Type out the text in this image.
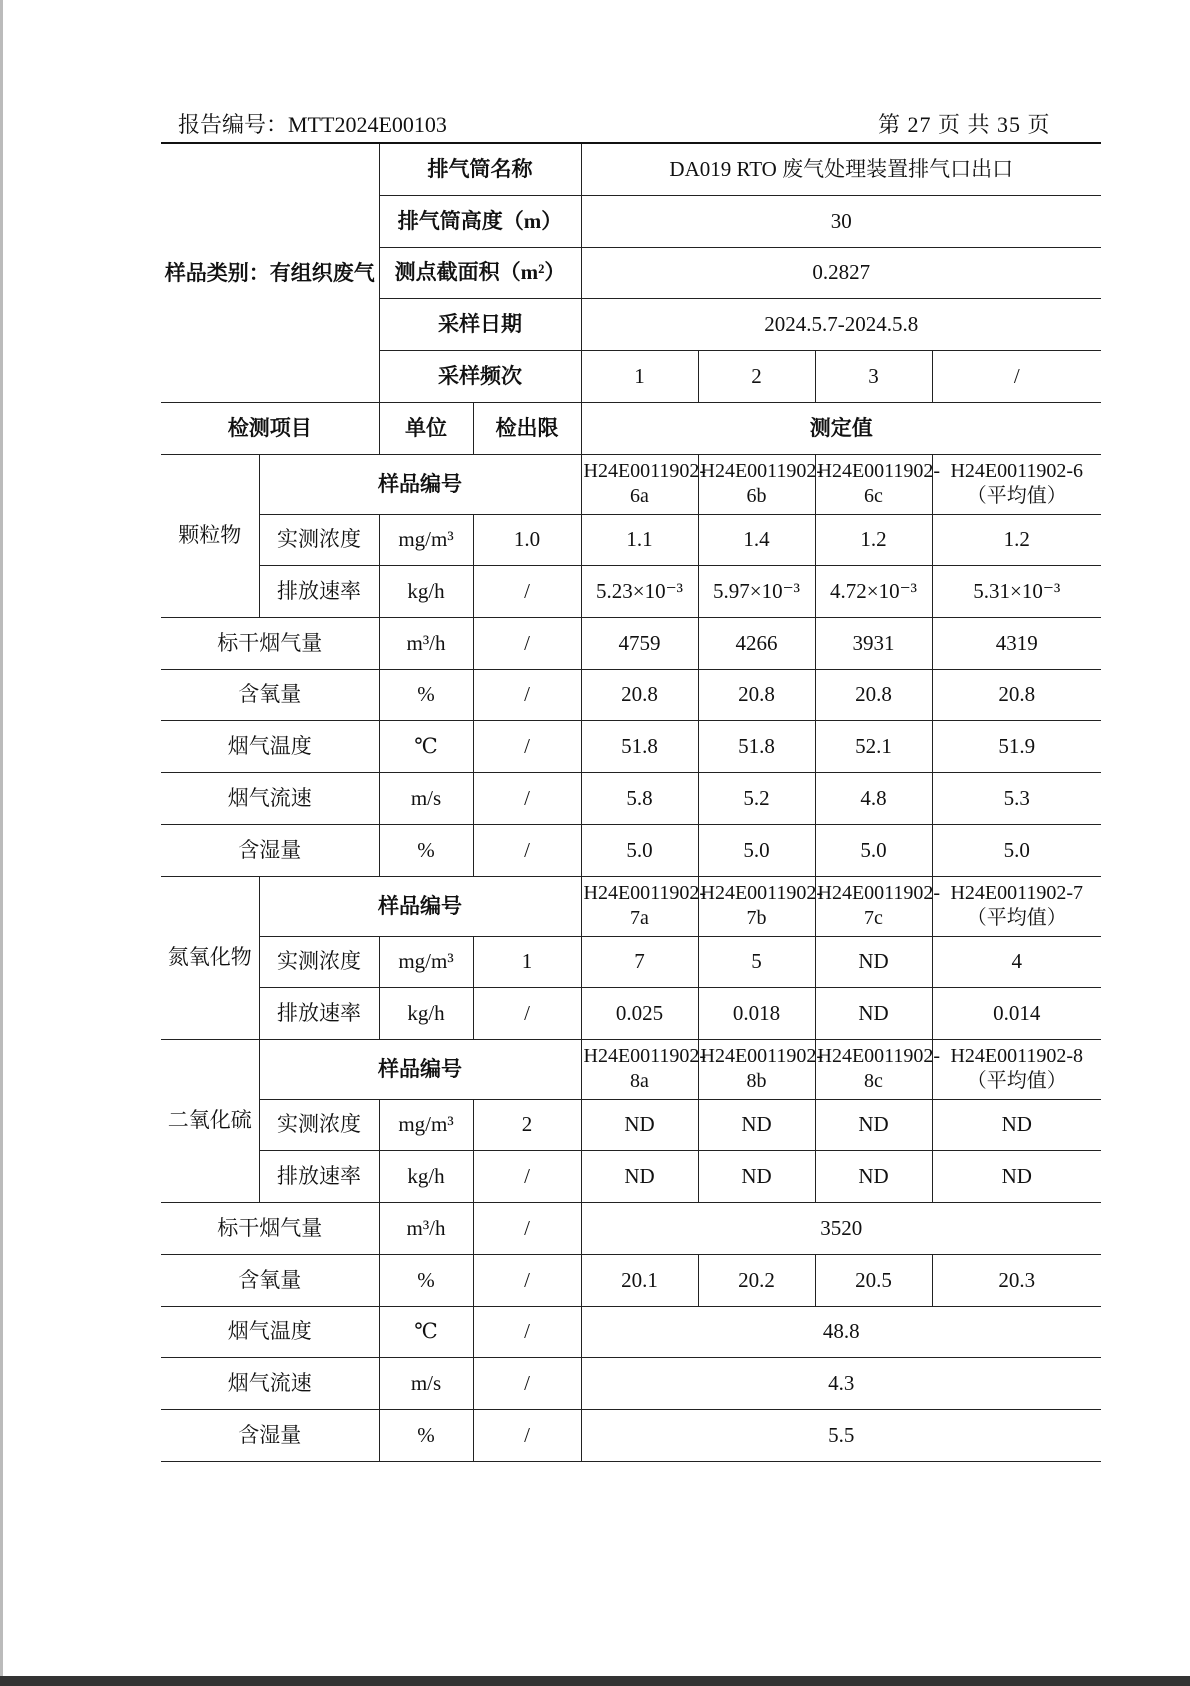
报告编号：MTT2024E00103	第 27 页 共 35 页
样品类别：有组织废气		排气筒名称		DA019 RTO 废气处理装置排气口出口			
		排气筒高度（m）		30			
		测点截面积（m²）		0.2827			
		采样日期		2024.5.7-2024.5.8			
		采样频次		1	2	3	/
检测项目		单位	检出限	测定值			
颗粒物	样品编号			H24E0011902-6a	H24E0011902-6b	H24E0011902-6c	H24E0011902-6（平均值）
	实测浓度	mg/m³	1.0	1.1	1.4	1.2	1.2
	排放速率	kg/h	/	5.23×10⁻³	5.97×10⁻³	4.72×10⁻³	5.31×10⁻³
标干烟气量		m³/h	/	4759	4266	3931	4319
含氧量		%	/	20.8	20.8	20.8	20.8
烟气温度		℃	/	51.8	51.8	52.1	51.9
烟气流速		m/s	/	5.8	5.2	4.8	5.3
含湿量		%	/	5.0	5.0	5.0	5.0
氮氧化物	样品编号			H24E0011902-7a	H24E0011902-7b	H24E0011902-7c	H24E0011902-7（平均值）
	实测浓度	mg/m³	1	7	5	ND	4
	排放速率	kg/h	/	0.025	0.018	ND	0.014
二氧化硫	样品编号			H24E0011902-8a	H24E0011902-8b	H24E0011902-8c	H24E0011902-8（平均值）
	实测浓度	mg/m³	2	ND	ND	ND	ND
	排放速率	kg/h	/	ND	ND	ND	ND
标干烟气量		m³/h	/	3520			
含氧量		%	/	20.1	20.2	20.5	20.3
烟气温度		℃	/	48.8			
烟气流速		m/s	/	4.3			
含湿量		%	/	5.5			
